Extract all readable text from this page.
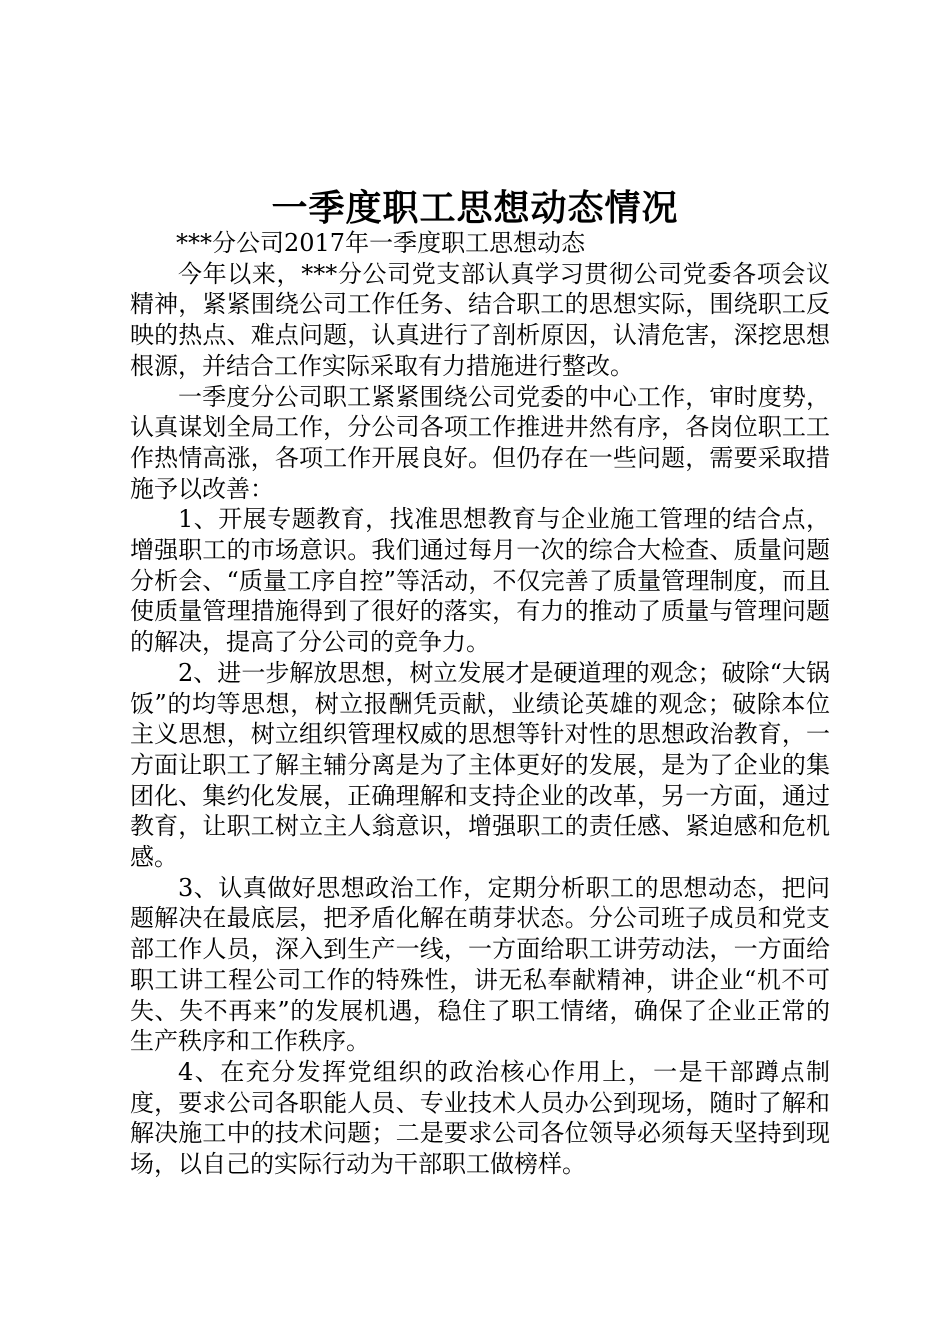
一季度职工思想动态情况

***分公司2017年一季度职工思想动态

今年以来，***分公司党支部认真学习贯彻公司党委各项会议精神，紧紧围绕公司工作任务、结合职工的思想实际，围绕职工反映的热点、难点问题，认真进行了剖析原因，认清危害，深挖思想根源，并结合工作实际采取有力措施进行整改。

一季度分公司职工紧紧围绕公司党委的中心工作，审时度势，认真谋划全局工作，分公司各项工作推进井然有序，各岗位职工工作热情高涨，各项工作开展良好。但仍存在一些问题，需要采取措施予以改善：

1、开展专题教育，找准思想教育与企业施工管理的结合点，增强职工的市场意识。我们通过每月一次的综合大检查、质量问题分析会、“质量工序自控”等活动，不仅完善了质量管理制度，而且使质量管理措施得到了很好的落实，有力的推动了质量与管理问题的解决，提高了分公司的竞争力。

2、进一步解放思想，树立发展才是硬道理的观念；破除“大锅饭”的均等思想，树立报酬凭贡献，业绩论英雄的观念；破除本位主义思想，树立组织管理权威的思想等针对性的思想政治教育，一方面让职工了解主辅分离是为了主体更好的发展，是为了企业的集团化、集约化发展，正确理解和支持企业的改革，另一方面，通过教育，让职工树立主人翁意识，增强职工的责任感、紧迫感和危机感。

3、认真做好思想政治工作，定期分析职工的思想动态，把问题解决在最底层，把矛盾化解在萌芽状态。分公司班子成员和党支部工作人员，深入到生产一线，一方面给职工讲劳动法，一方面给职工讲工程公司工作的特殊性，讲无私奉献精神，讲企业“机不可失、失不再来”的发展机遇，稳住了职工情绪，确保了企业正常的生产秩序和工作秩序。

4、在充分发挥党组织的政治核心作用上，一是干部蹲点制度，要求公司各职能人员、专业技术人员办公到现场，随时了解和解决施工中的技术问题；二是要求公司各位领导必须每天坚持到现场，以自己的实际行动为干部职工做榜样。
